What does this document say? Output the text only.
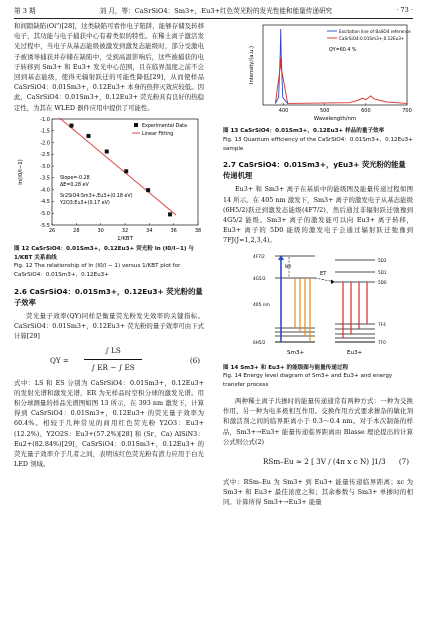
第 3 期	刘 月，等：CaSrSiO4：Sm3+，Eu3+红色荧光粉的发光性能和能量传递研究	· 73 ·

和间隙缺陷(Oi")[28]，这类缺陷可看作电子陷阱，能够存储及转移电子，其功能与电子捕获中心有着类似的特性。在稀土离子激活发光过程中，当电子从基态能级被激发到激发态能级时，部分受激电子被诱导捕获并存储在缺陷中，受到高温影响后，这些被捕获的电子转移到 Sm3+ 和 Eu3+ 发光中心范围，且在临界温度之前不会回到基态能级，使得无辐射跃迁的可能性降低[29]，从而使样品 CaSrSiO4：0.01Sm3+，0.12Eu3+ 本身的热猝灭效应较低。因此，CaSrSiO4：0.01Sm3+，0.12Eu3+ 荧光粉具有良好的热稳定性，为其在 WLED 器件应用中提供了可能性。

26	28	30	32	34	36	38
-5.5
-5.0
-4.5
-4.0
-3.5
-3.0
-2.5
-2.0
-1.5
-1.0
1/KBT
ln(I0/I−1)
Experimental Data
Linear Fitting
Slope=-0.28
ΔE=0.28 eV
Sr2SiO4:Sm3+,Eu3+(0.18 eV)
Y2O3:Eu3+(0.17 eV)
图 12 CaSrSiO4：0.01Sm3+，0.12Eu3+ 荧光粉 ln (I0/I−1) 与 1/KBT 关系曲线
Fig. 12 The relationship of ln (I0/I − 1) versus 1/KBT plot for CaSrSiO4：0.01Sm3+，0.12Eu3+
2.6 CaSrSiO4：0.01Sm3+，0.12Eu3+ 荧光粉的量子效率

荧光量子效率(QY)同样是衡量荧光粉发光效率的关键指标。CaSrSiO4：0.01Sm3+，0.12Eu3+ 荧光粉的量子效率可由下式计算[29]

QY =
∫ LS
∫ ER − ∫ ES
(6)

式中：LS 和 ES 分别为 CaSrSiO4：0.01Sm3+，0.12Eu3+ 的发射光谱和激发光谱，ER 为无样品时空积分球的激发光谱。用积分球测量的样品光谱图如图 13 所示，在 393 nm 激发下，计算得到 CaSrSiO4：0.01Sm3+，0.12Eu3+ 的荧光量子效率为 60.4%。相较于几种常见的商用红色荧光粉 Y2O3：Eu3+(12.2%)、Y2O2S：Eu3+(57.2%)[28] 和 (Sr，Ca) AlSiN3：Eu2+(82.84%)[29]，CaSrSiO4：0.01Sm3+，0.12Eu3+ 的荧光量子效率介于几者之间，表明该红色荧光粉有潜力应用于白光 LED 领域。

400	500	600	700
Wavelength/nm
Intensity/(a.u.)
Excitation line of BaSO4 reference
CaSrSiO4:0.01Sm3+,0.12Eu3+
QY=60.4 %
图 13 CaSrSiO4：0.01Sm3+，0.12Eu3+ 样品的量子效率
Fig. 13 Quantum efficiency of the CaSrSiO4：0.01Sm3+，0.12Eu3+ sample
2.7 CaSrSiO4：0.01Sm3+，yEu3+ 荧光粉的能量传递机理

Eu3+ 和 Sm3+ 离子在基质中的能级图及能量传递过程如图 14 所示。在 405 nm 激发下，Sm3+ 离子的激发电子从基态能级(6H5/2)跃迁到激发态能级(4F7/2)，然后通过非辐射跃迁弛豫到4G5/2 能级。Sm3+ 离子的激发能可以向 Eu3+ 离子转移，Eu3+ 离子的 5D0 能级的激发电子会通过辐射跃迁弛豫到7FJ(J=1,2,3,4)。

ET
NR
Sm3+	Eu3+
405 nm
4F7/2
4G5/2
6H5/2
5D2
5D1
5D0
7F4
7F0
图 14 Sm3+ 和 Eu3+ 的能级图与能量传递过程
Fig. 14 Energy level diagram of Sm3+ and Eu3+ and energy transfer process

两种稀土离子共掺时的能量传递通常有两种方式：一种为交换作用，另一种为电多极相互作用。交换作用方式要求掺杂的敏化剂和激活剂之间的临界距离小于 0.3～0.4 nm。对于本次制备的样品，Sm3+→Eu3+ 能量传递临界距离由 Blasse 理论提出的计算公式则公式(2)

RSm–Eu ≈ 2 [ 3V / (4π x c N) ]1/3 (7)

式中：RSm–Eu 为 Sm3+ 到 Eu3+ 能量传递临界距离；xc 为 Sm3+ 和 Eu3+ 最佳浓度之和；其余参数与 Sm3+ 单掺时的相同。计算所得 Sm3+→Eu3+ 能量
